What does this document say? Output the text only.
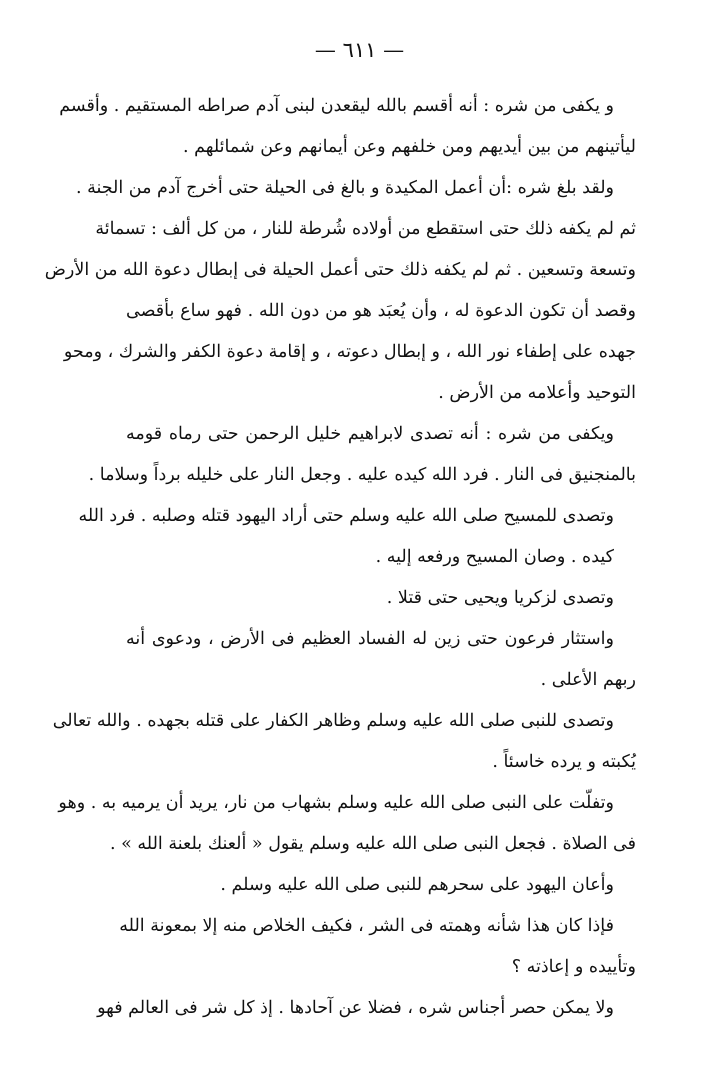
— ٦١١ —
و يكفى من شره : أنه أقسم بالله ليقعدن لبنى آدم صراطه المستقيم . وأقسم
ليأتينهم من بين أيديهم ومن خلفهم وعن أيمانهم وعن شمائلهم .
ولقد بلغ شره :أن أعمل المكيدة و بالغ فى الحيلة حتى أخرج آدم من الجنة .
ثم لم يكفه ذلك حتى استقطع من أولاده شُرطة للنار ، من كل ألف : تسمائة
وتسعة وتسعين . ثم لم يكفه ذلك حتى أعمل الحيلة فى إبطال دعوة الله من الأرض
وقصد أن تكون الدعوة له ، وأن يُعبَد هو من دون الله . فهو ساع بأقصى
جهده على إطفاء نور الله ، و إبطال دعوته ، و إقامة دعوة الكفر والشرك ، ومحو
التوحيد وأعلامه من الأرض .
ويكفى من شره : أنه تصدى لابراهيم خليل الرحمن حتى رماه قومه
بالمنجنيق فى النار . فرد الله كيده عليه . وجعل النار على خليله برداً وسلاما .
وتصدى للمسيح صلى الله عليه وسلم حتى أراد اليهود قتله وصلبه . فرد الله
كيده . وصان المسيح ورفعه إليه .
وتصدى لزكريا ويحيى حتى قتلا .
واستثار فرعون حتى زين له الفساد العظيم فى الأرض ، ودعوى أنه
ربهم الأعلى .
وتصدى للنبى صلى الله عليه وسلم وظاهر الكفار على قتله بجهده . والله تعالى
يُكبته و يرده خاسئاً .
وتفلّت على النبى صلى الله عليه وسلم بشهاب من نار، يريد أن يرميه به . وهو
فى الصلاة . فجعل النبى صلى الله عليه وسلم يقول « ألعنك بلعنة الله » .
وأعان اليهود على سحرهم للنبى صلى الله عليه وسلم .
فإذا كان هذا شأنه وهمته فى الشر ، فكيف الخلاص منه إلا بمعونة الله
وتأييده و إعاذته ؟
ولا يمكن حصر أجناس شره ، فضلا عن آحادها . إذ كل شر فى العالم فهو
